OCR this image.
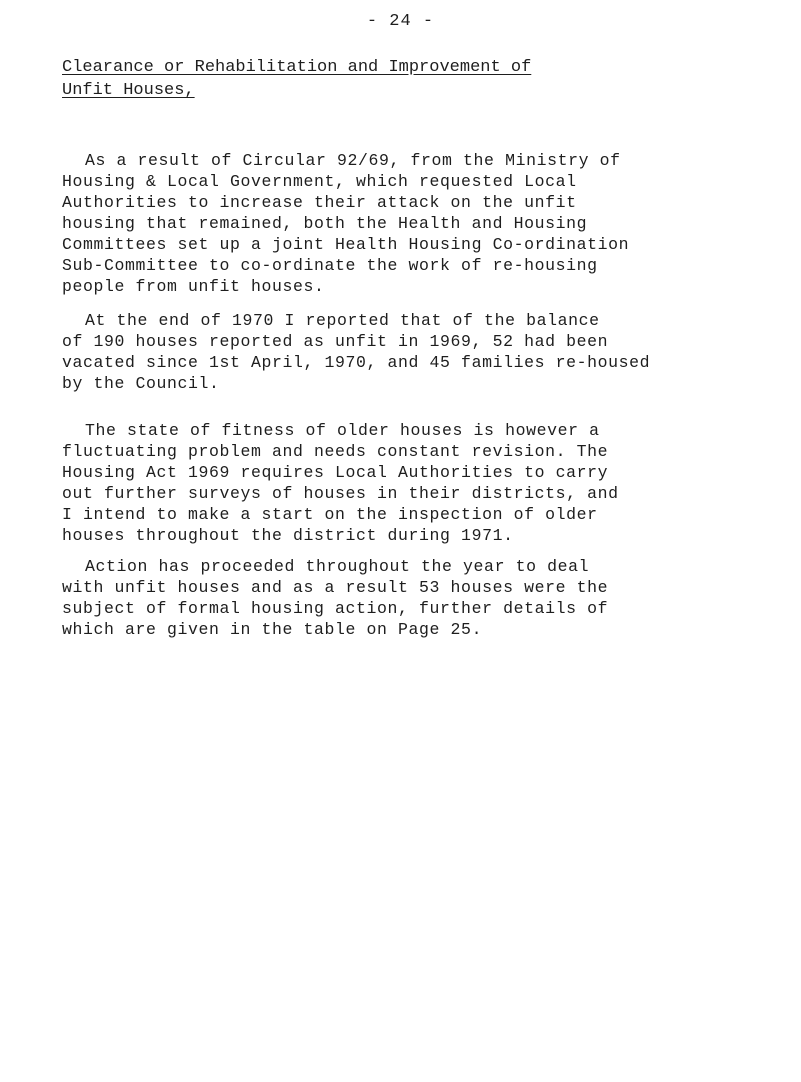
- 24 -
Clearance or Rehabilitation and Improvement of
Unfit Houses,

As a result of Circular 92/69, from the Ministry of
Housing & Local Government, which requested Local
Authorities to increase their attack on the unfit
housing that remained, both the Health and Housing
Committees set up a joint Health Housing Co-ordination
Sub-Committee to co-ordinate the work of re-housing
people from unfit houses.

At the end of 1970 I reported that of the balance
of 190 houses reported as unfit in 1969, 52 had been
vacated since 1st April, 1970, and 45 families re-housed
by the Council.

The state of fitness of older houses is however a
fluctuating problem and needs constant revision. The
Housing Act 1969 requires Local Authorities to carry
out further surveys of houses in their districts, and
I intend to make a start on the inspection of older
houses throughout the district during 1971.

Action has proceeded throughout the year to deal
with unfit houses and as a result 53 houses were the
subject of formal housing action, further details of
which are given in the table on Page 25.
